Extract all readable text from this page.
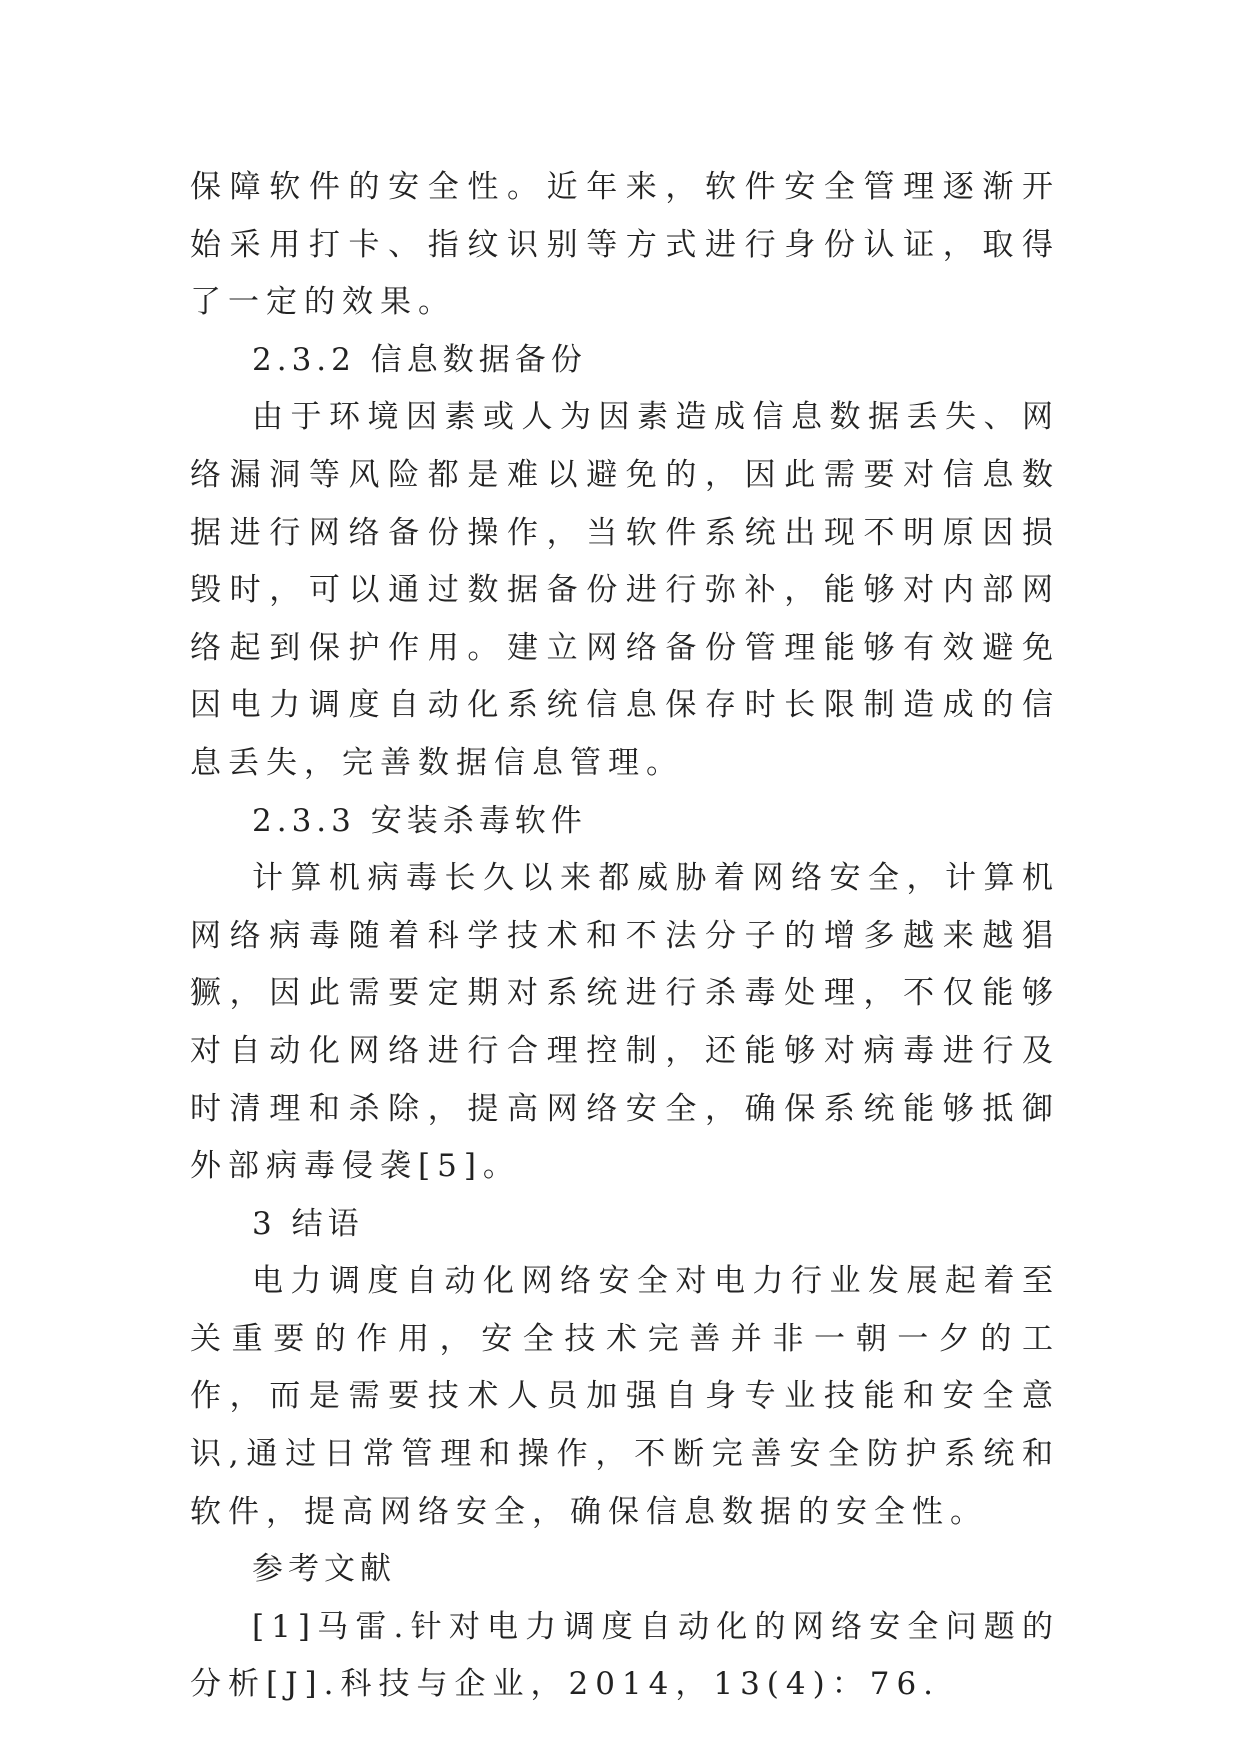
保障软件的安全性。近年来，软件安全管理逐渐开始采用打卡、指纹识别等方式进行身份认证，取得了一定的效果。

2.3.2 信息数据备份

由于环境因素或人为因素造成信息数据丢失、网络漏洞等风险都是难以避免的，因此需要对信息数据进行网络备份操作，当软件系统出现不明原因损毁时，可以通过数据备份进行弥补，能够对内部网络起到保护作用。建立网络备份管理能够有效避免因电力调度自动化系统信息保存时长限制造成的信息丢失，完善数据信息管理。

2.3.3 安装杀毒软件

计算机病毒长久以来都威胁着网络安全，计算机网络病毒随着科学技术和不法分子的增多越来越猖獗，因此需要定期对系统进行杀毒处理，不仅能够对自动化网络进行合理控制，还能够对病毒进行及时清理和杀除，提高网络安全，确保系统能够抵御外部病毒侵袭[5]。

3 结语

电力调度自动化网络安全对电力行业发展起着至关重要的作用，安全技术完善并非一朝一夕的工作，而是需要技术人员加强自身专业技能和安全意识,通过日常管理和操作，不断完善安全防护系统和软件，提高网络安全，确保信息数据的安全性。

参考文献

[1]马雷.针对电力调度自动化的网络安全问题的分析[J].科技与企业，2014，13(4)：76.
